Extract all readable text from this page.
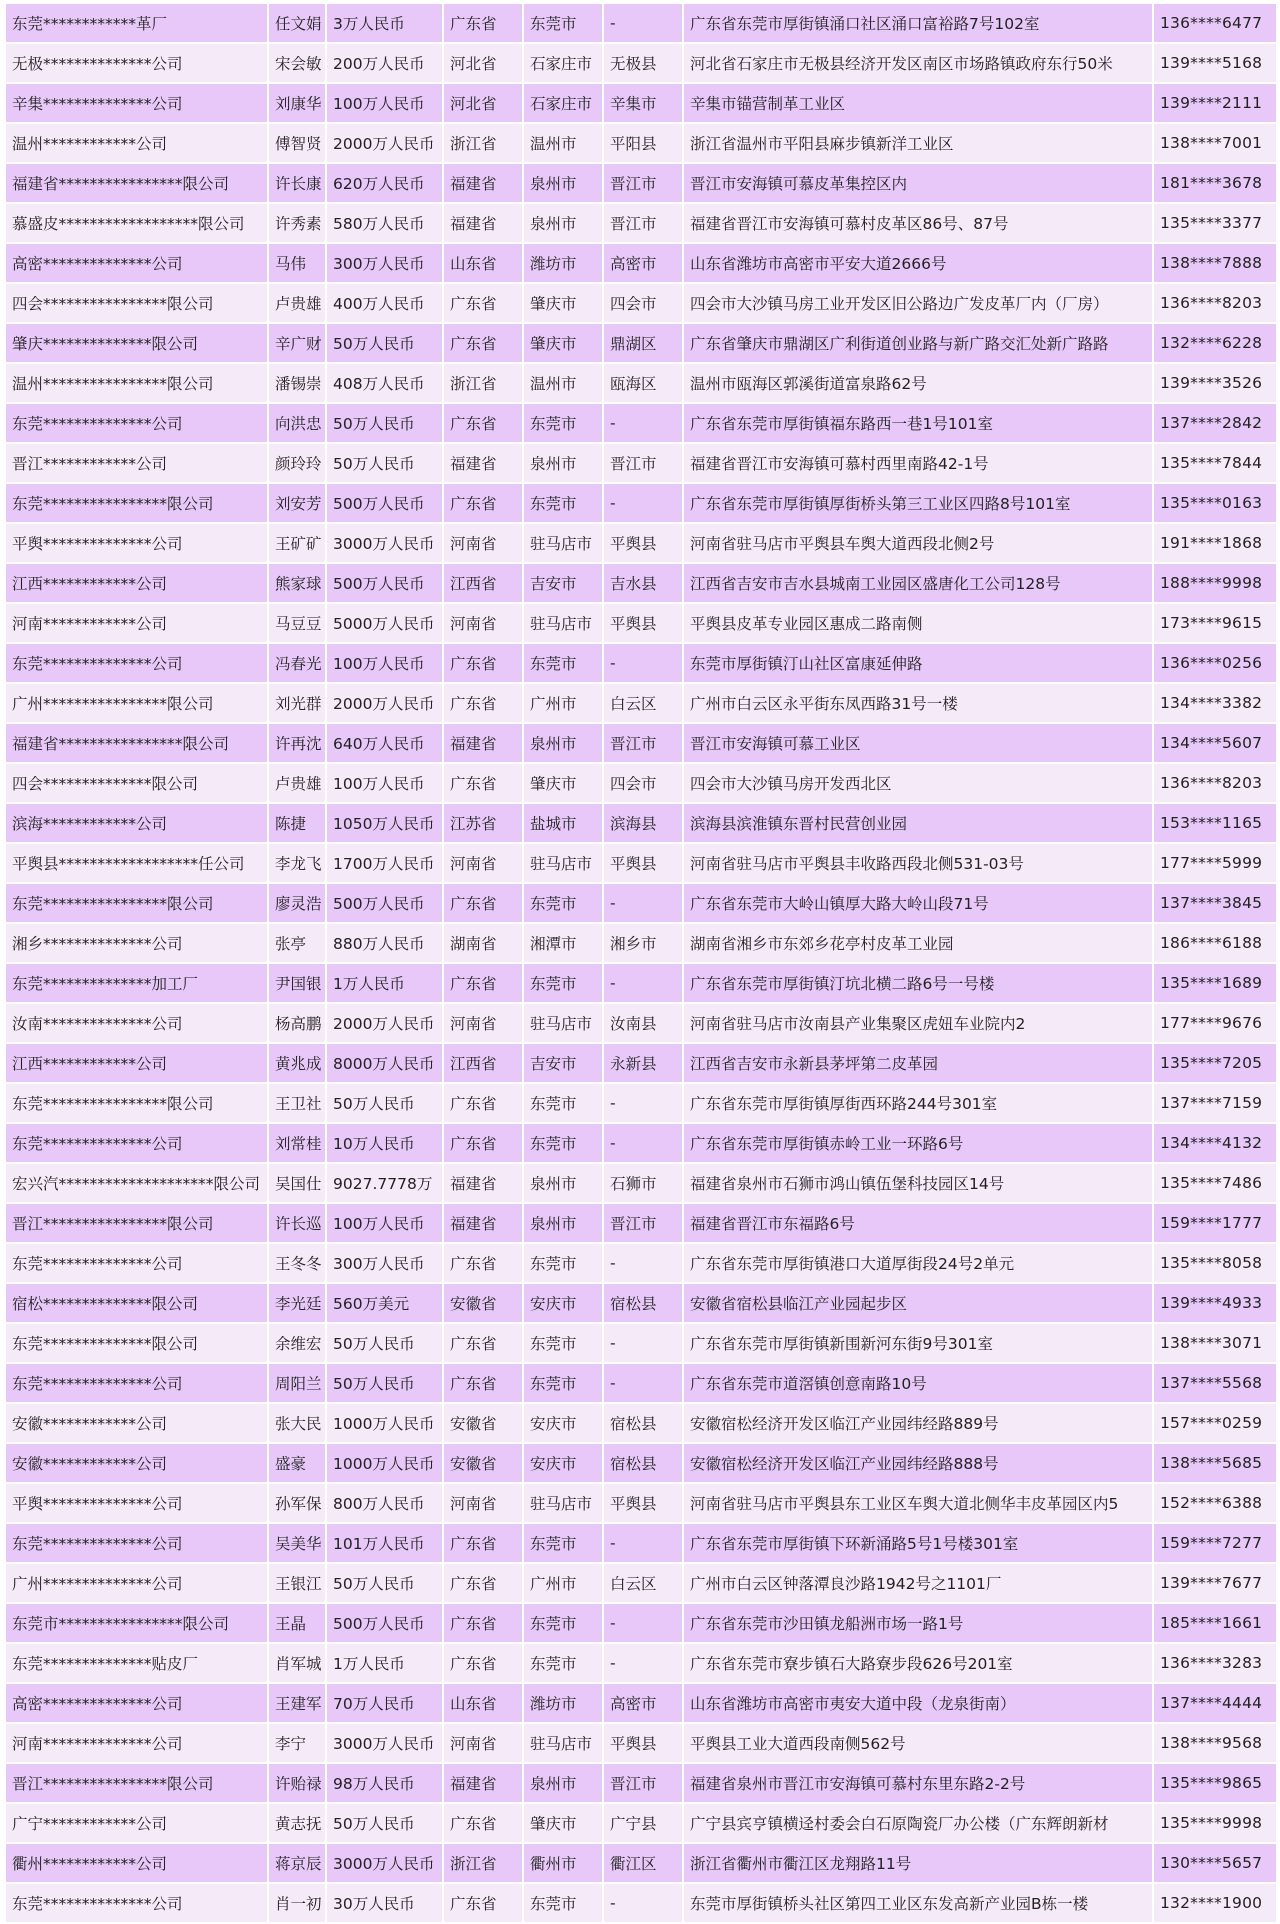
东莞************革厂	任文娟	3万人民币	广东省	东莞市	-	广东省东莞市厚街镇涌口社区涌口富裕路7号102室	136****6477
无极**************公司	宋会敏	200万人民币	河北省	石家庄市	无极县	河北省石家庄市无极县经济开发区南区市场路镇政府东行50米	139****5168
辛集**************公司	刘康华	100万人民币	河北省	石家庄市	辛集市	辛集市锚营制革工业区	139****2111
温州************公司	傅智贤	2000万人民币	浙江省	温州市	平阳县	浙江省温州市平阳县麻步镇新洋工业区	138****7001
福建省****************限公司	许长康	620万人民币	福建省	泉州市	晋江市	晋江市安海镇可慕皮革集控区内	181****3678
慕盛皮******************限公司	许秀素	580万人民币	福建省	泉州市	晋江市	福建省晋江市安海镇可慕村皮革区86号、87号	135****3377
高密**************公司	马伟	300万人民币	山东省	潍坊市	高密市	山东省潍坊市高密市平安大道2666号	138****7888
四会****************限公司	卢贵雄	400万人民币	广东省	肇庆市	四会市	四会市大沙镇马房工业开发区旧公路边广发皮革厂内（厂房）	136****8203
肇庆**************限公司	辛广财	50万人民币	广东省	肇庆市	鼎湖区	广东省肇庆市鼎湖区广利街道创业路与新广路交汇处新广路路	132****6228
温州****************限公司	潘锡崇	408万人民币	浙江省	温州市	瓯海区	温州市瓯海区郭溪街道富泉路62号	139****3526
东莞**************公司	向洪忠	50万人民币	广东省	东莞市	-	广东省东莞市厚街镇福东路西一巷1号101室	137****2842
晋江************公司	颜玲玲	50万人民币	福建省	泉州市	晋江市	福建省晋江市安海镇可慕村西里南路42-1号	135****7844
东莞****************限公司	刘安芳	500万人民币	广东省	东莞市	-	广东省东莞市厚街镇厚街桥头第三工业区四路8号101室	135****0163
平舆**************公司	王矿矿	3000万人民币	河南省	驻马店市	平舆县	河南省驻马店市平舆县车舆大道西段北侧2号	191****1868
江西************公司	熊家球	500万人民币	江西省	吉安市	吉水县	江西省吉安市吉水县城南工业园区盛唐化工公司128号	188****9998
河南************公司	马豆豆	5000万人民币	河南省	驻马店市	平舆县	平舆县皮革专业园区惠成二路南侧	173****9615
东莞**************公司	冯春光	100万人民币	广东省	东莞市	-	东莞市厚街镇汀山社区富康延伸路	136****0256
广州****************限公司	刘光群	2000万人民币	广东省	广州市	白云区	广州市白云区永平街东凤西路31号一楼	134****3382
福建省****************限公司	许再沈	640万人民币	福建省	泉州市	晋江市	晋江市安海镇可慕工业区	134****5607
四会**************限公司	卢贵雄	100万人民币	广东省	肇庆市	四会市	四会市大沙镇马房开发西北区	136****8203
滨海************公司	陈捷	1050万人民币	江苏省	盐城市	滨海县	滨海县滨淮镇东晋村民营创业园	153****1165
平舆县******************任公司	李龙飞	1700万人民币	河南省	驻马店市	平舆县	河南省驻马店市平舆县丰收路西段北侧531-03号	177****5999
东莞****************限公司	廖灵浩	500万人民币	广东省	东莞市	-	广东省东莞市大岭山镇厚大路大岭山段71号	137****3845
湘乡**************公司	张亭	880万人民币	湖南省	湘潭市	湘乡市	湖南省湘乡市东郊乡花亭村皮革工业园	186****6188
东莞**************加工厂	尹国银	1万人民币	广东省	东莞市	-	广东省东莞市厚街镇汀坑北横二路6号一号楼	135****1689
汝南**************公司	杨高鹏	2000万人民币	河南省	驻马店市	汝南县	河南省驻马店市汝南县产业集聚区虎妞车业院内2	177****9676
江西************公司	黄兆成	8000万人民币	江西省	吉安市	永新县	江西省吉安市永新县茅坪第二皮革园	135****7205
东莞****************限公司	王卫社	50万人民币	广东省	东莞市	-	广东省东莞市厚街镇厚街西环路244号301室	137****7159
东莞**************公司	刘常桂	10万人民币	广东省	东莞市	-	广东省东莞市厚街镇赤岭工业一环路6号	134****4132
宏兴汽********************限公司	吴国仕	9027.7778万	福建省	泉州市	石狮市	福建省泉州市石狮市鸿山镇伍堡科技园区14号	135****7486
晋江****************限公司	许长巡	100万人民币	福建省	泉州市	晋江市	福建省晋江市东福路6号	159****1777
东莞**************公司	王冬冬	300万人民币	广东省	东莞市	-	广东省东莞市厚街镇港口大道厚街段24号2单元	135****8058
宿松**************限公司	李光廷	560万美元	安徽省	安庆市	宿松县	安徽省宿松县临江产业园起步区	139****4933
东莞**************限公司	余维宏	50万人民币	广东省	东莞市	-	广东省东莞市厚街镇新围新河东街9号301室	138****3071
东莞**************公司	周阳兰	50万人民币	广东省	东莞市	-	广东省东莞市道滘镇创意南路10号	137****5568
安徽************公司	张大民	1000万人民币	安徽省	安庆市	宿松县	安徽宿松经济开发区临江产业园纬经路889号	157****0259
安徽************公司	盛豪	1000万人民币	安徽省	安庆市	宿松县	安徽宿松经济开发区临江产业园纬经路888号	138****5685
平舆**************公司	孙军保	800万人民币	河南省	驻马店市	平舆县	河南省驻马店市平舆县东工业区车舆大道北侧华丰皮革园区内5	152****6388
东莞**************公司	吴美华	101万人民币	广东省	东莞市	-	广东省东莞市厚街镇下环新涌路5号1号楼301室	159****7277
广州**************公司	王银江	50万人民币	广东省	广州市	白云区	广州市白云区钟落潭良沙路1942号之1101厂	139****7677
东莞市****************限公司	王晶	500万人民币	广东省	东莞市	-	广东省东莞市沙田镇龙船洲市场一路1号	185****1661
东莞**************贴皮厂	肖军城	1万人民币	广东省	东莞市	-	广东省东莞市寮步镇石大路寮步段626号201室	136****3283
高密**************公司	王建军	70万人民币	山东省	潍坊市	高密市	山东省潍坊市高密市夷安大道中段（龙泉街南）	137****4444
河南**************公司	李宁	3000万人民币	河南省	驻马店市	平舆县	平舆县工业大道西段南侧562号	138****9568
晋江****************限公司	许贻禄	98万人民币	福建省	泉州市	晋江市	福建省泉州市晋江市安海镇可慕村东里东路2-2号	135****9865
广宁************公司	黄志抚	50万人民币	广东省	肇庆市	广宁县	广宁县宾亨镇横迳村委会白石原陶瓷厂办公楼（广东辉朗新材	135****9998
衢州************公司	蒋京辰	3000万人民币	浙江省	衢州市	衢江区	浙江省衢州市衢江区龙翔路11号	130****5657
东莞**************公司	肖一初	30万人民币	广东省	东莞市	-	东莞市厚街镇桥头社区第四工业区东发高新产业园B栋一楼	132****1900
